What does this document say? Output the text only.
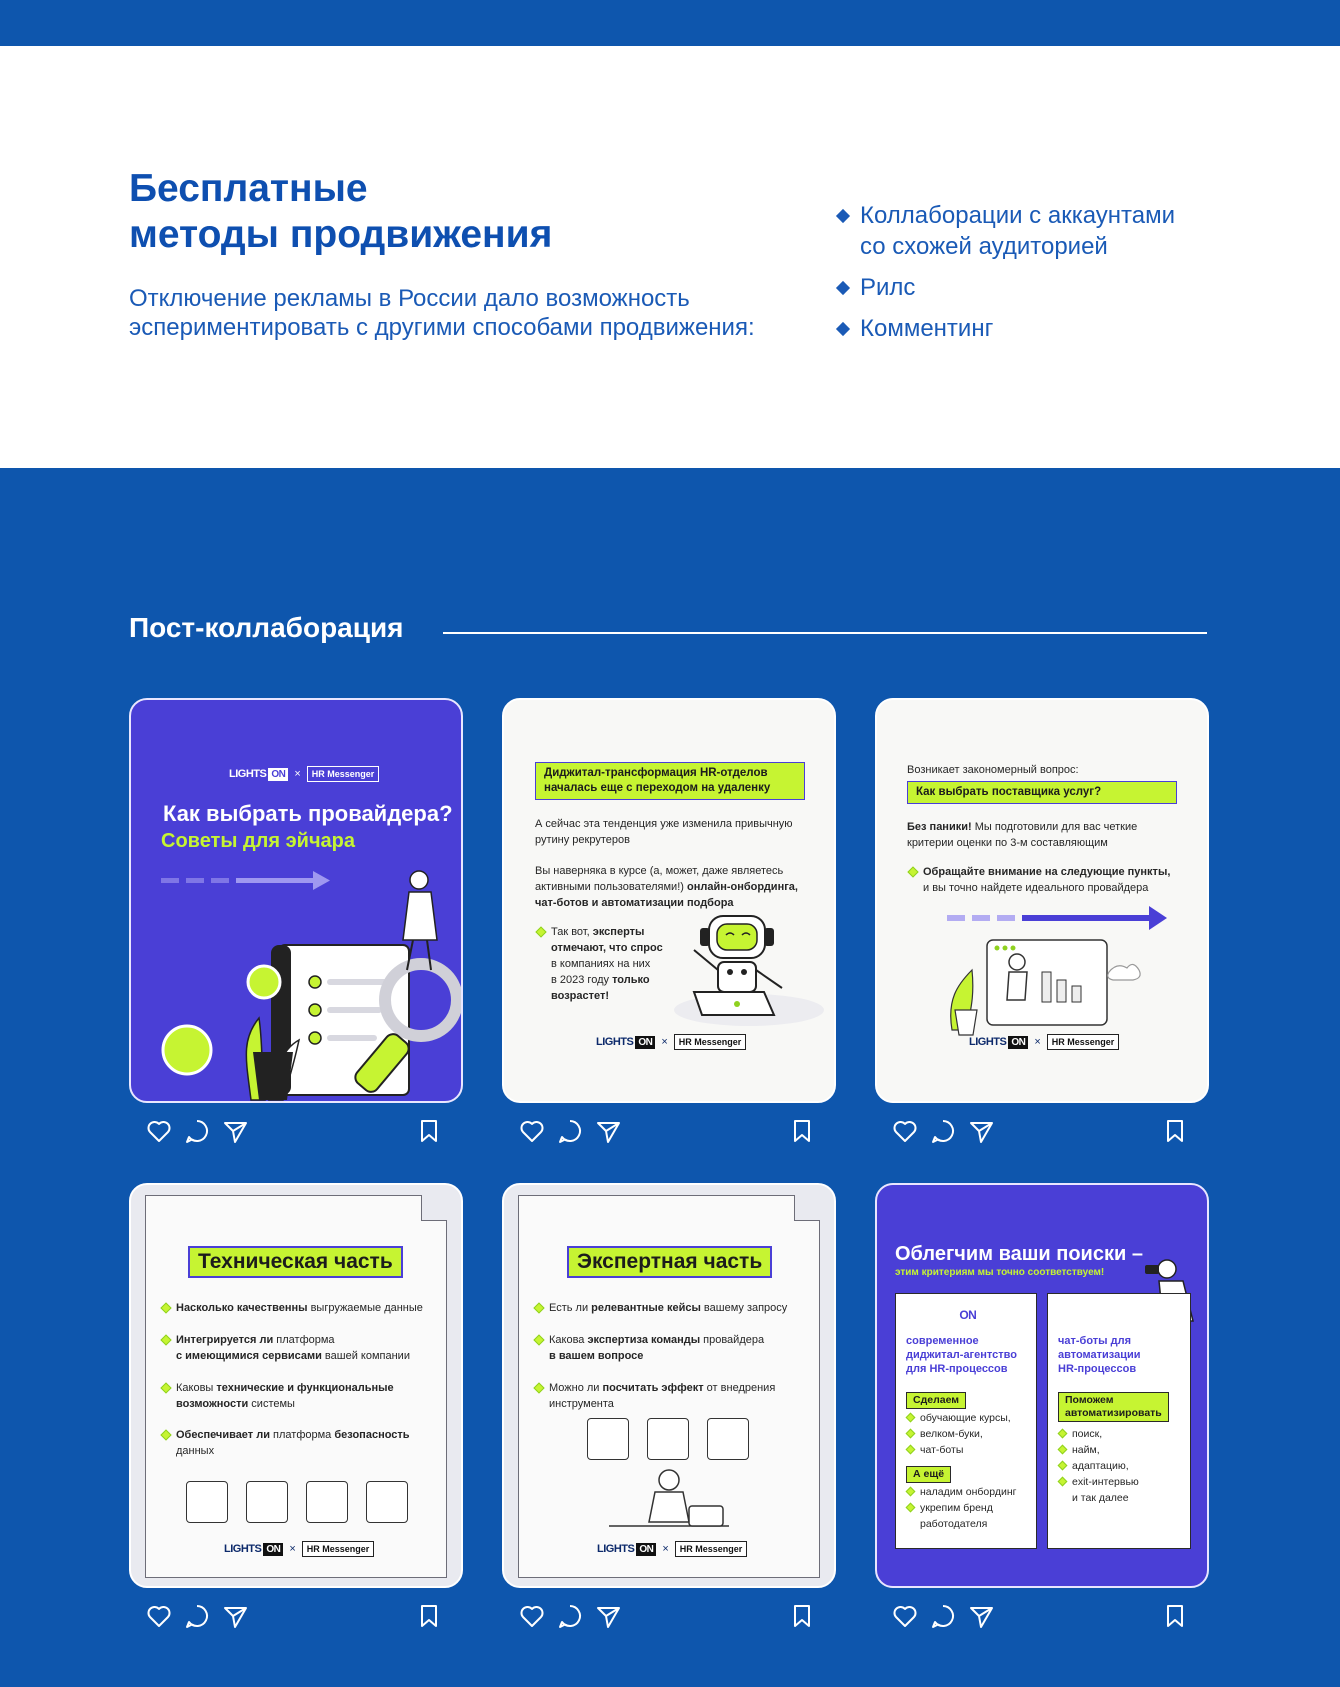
Бесплатные
методы продвижения

Отключение рекламы в России дало возможность
эспериментировать с другими способами продвижения:

Коллаборации с аккаунтами
со схожей аудиторией
Рилс
Комментинг
Пост-коллаборация
LIGHTS ON ×	HR Messenger
Как выбрать провайдера?
Советы для эйчара
Диджитал-трансформация HR-отделов
началась еще с переходом на удаленку
А сейчас эта тенденция уже изменила привычную
рутину рекрутеров
Вы наверняка в курсе (а, может, даже являетесь
активными пользователями!) онлайн-онбординга,
чат-ботов и автоматизации подбора
Так вот, эксперты
отмечают, что спрос
в компаниях на них
в 2023 году только
возрастет!
LIGHTS ON ×	HR Messenger
Возникает закономерный вопрос:
Как выбрать поставщика услуг?
Без паники! Мы подготовили для вас четкие
критерии оценки по 3-м составляющим
Обращайте внимание на следующие пункты,
и вы точно найдете идеального провайдера
LIGHTS ON ×	HR Messenger
Техническая часть
Насколько качественны выгружаемые данные
Интегрируется ли платформа
с имеющимися сервисами вашей компании
Каковы технические и функциональные
возможности системы
Обеспечивает ли платформа безопасность
данных
LIGHTS ON ×	HR Messenger
Экспертная часть
Есть ли релевантные кейсы вашему запросу
Какова экспертиза команды провайдера
в вашем вопросе
Можно ли посчитать эффект от внедрения
инструмента
LIGHTS ON ×	HR Messenger
Облегчим ваши поиски –
этим критериям мы точно соответствуем!
LIGHTS ON
современное
диджитал-агентство
для HR-процессов
Сделаем
обучающие курсы,
велком-буки,
чат-боты
А ещё
наладим онбординг
укрепим бренд
работодателя
HR Messenger
чат-боты для
автоматизации
HR-процессов
Поможем
автоматизировать
поиск,
найм,
адаптацию,
exit-интервью
и так далее
